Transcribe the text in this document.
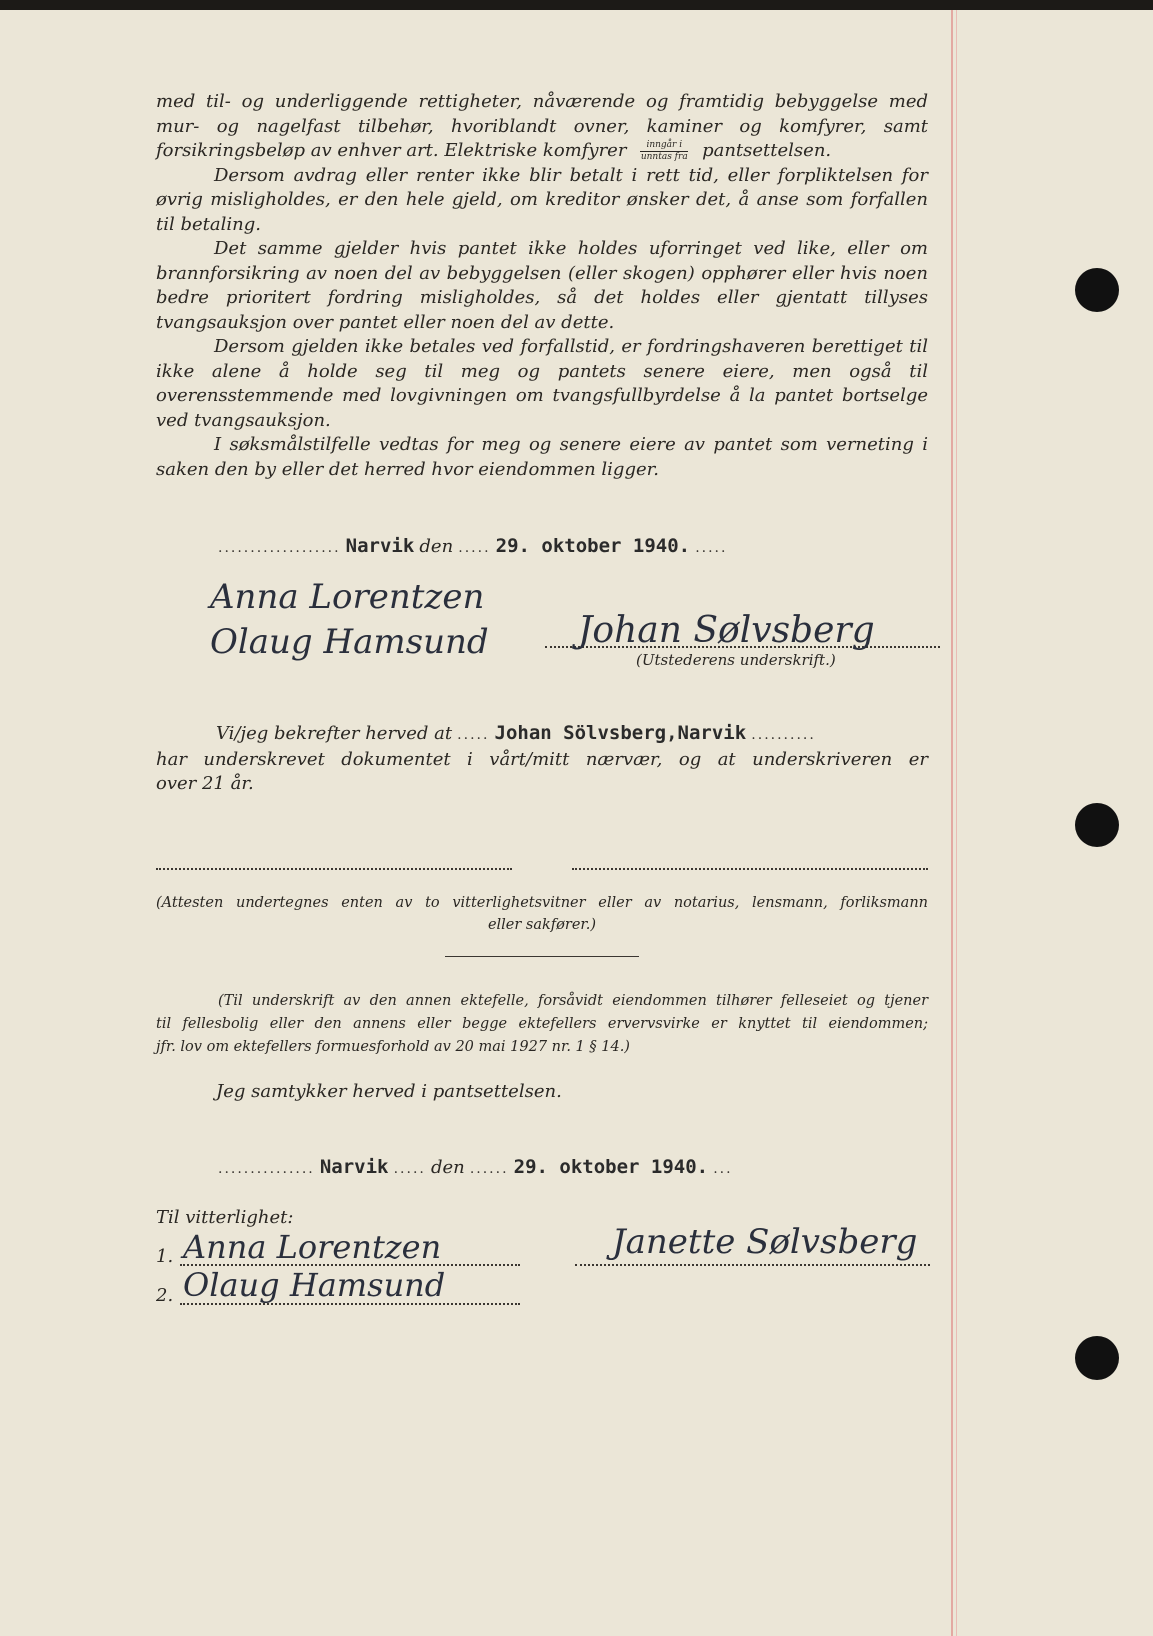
med til- og underliggende rettigheter, nåværende og framtidig bebyggelse med mur- og nagelfast tilbehør, hvoriblandt ovner, kaminer og komfyrer, samt forsikringsbeløp av enhver art. Elektriske komfyrer $\frac{\text{inngår i}}{\text{unntas fra}}$ pantsettelsen.

Dersom avdrag eller renter ikke blir betalt i rett tid, eller forpliktelsen for øvrig misligholdes, er den hele gjeld, om kreditor ønsker det, å anse som forfallen til betaling.

Det samme gjelder hvis pantet ikke holdes uforringet ved like, eller om brannforsikring av noen del av bebyggelsen (eller skogen) opphører eller hvis noen bedre prioritert fordring misligholdes, så det holdes eller gjentatt tillyses tvangsauksjon over pantet eller noen del av dette.

Dersom gjelden ikke betales ved forfallstid, er fordringshaveren berettiget til ikke alene å holde seg til meg og pantets senere eiere, men også til overensstemmende med lovgivningen om tvangsfullbyrdelse å la pantet bortselge ved tvangsauksjon.

I søksmålstilfelle vedtas for meg og senere eiere av pantet som verneting i saken den by eller det herred hvor eiendommen ligger.

................... Narvik den ..... 29. oktober 1940. .....
Anna Lorentzen
Olaug Hamsund Johan Sølvsberg
(Utstederens underskrift.)
Vi/jeg bekrefter herved at ..... Johan Sölvsberg,Narvik ..........
har underskrevet dokumentet i vårt/mitt nærvær, og at underskriveren er
over 21 år.
(Attesten undertegnes enten av to vitterlighetsvitner eller av notarius, lensmann, forliksmann
eller sakfører.)
(Til underskrift av den annen ektefelle, forsåvidt eiendommen tilhører felleseiet og tjener
til fellesbolig eller den annens eller begge ektefellers ervervsvirke er knyttet til eiendommen;
jfr. lov om ektefellers formuesforhold av 20 mai 1927 nr. 1 § 14.)
Jeg samtykker herved i pantsettelsen.
............... Narvik ..... den ...... 29. oktober 1940. ...
Til vitterlighet:
1. Anna Lorentzen
2. Olaug Hamsund
Janette Sølvsberg
